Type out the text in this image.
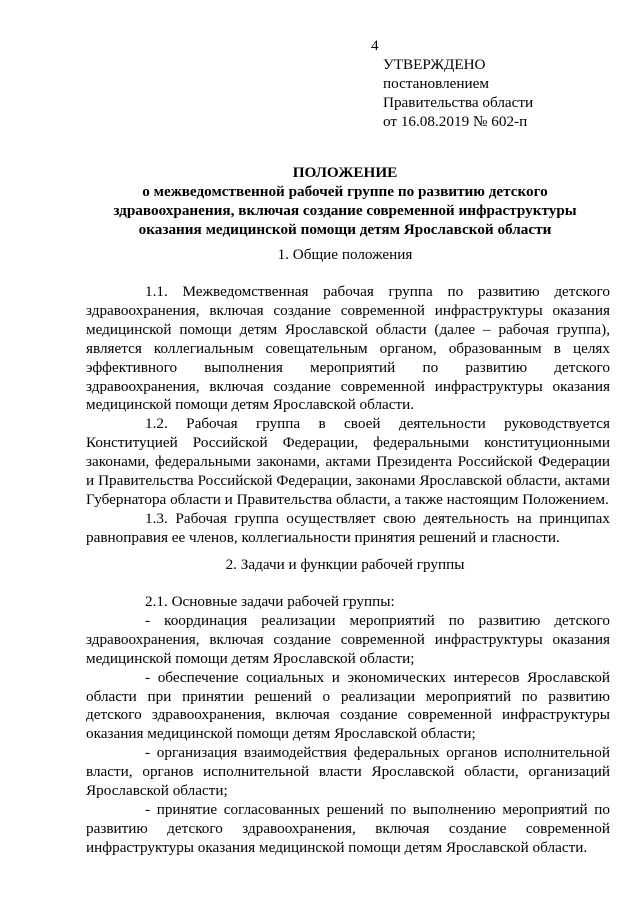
4
УТВЕРЖДЕНО
постановлением
Правительства области
от 16.08.2019 № 602-п
ПОЛОЖЕНИЕ
о межведомственной рабочей группе по развитию детского
здравоохранения, включая создание современной инфраструктуры
оказания медицинской помощи детям Ярославской области
1. Общие положения

1.1. Межведомственная рабочая группа по развитию детского здравоохранения, включая создание современной инфраструктуры оказания медицинской помощи детям Ярославской области (далее – рабочая группа), является коллегиальным совещательным органом, образованным в целях эффективного выполнения мероприятий по развитию детского здравоохранения, включая создание современной инфраструктуры оказания медицинской помощи детям Ярославской области.

1.2. Рабочая группа в своей деятельности руководствуется Конституцией Российской Федерации, федеральными конституционными законами, федеральными законами, актами Президента Российской Федерации и Правительства Российской Федерации, законами Ярославской области, актами Губернатора области и Правительства области, а также настоящим Положением.

1.3. Рабочая группа осуществляет свою деятельность на принципах равноправия ее членов, коллегиальности принятия решений и гласности.

2. Задачи и функции рабочей группы

2.1. Основные задачи рабочей группы:

- координация реализации мероприятий по развитию детского здравоохранения, включая создание современной инфраструктуры оказания медицинской помощи детям Ярославской области;

- обеспечение социальных и экономических интересов Ярославской области при принятии решений о реализации мероприятий по развитию детского здравоохранения, включая создание современной инфраструктуры оказания медицинской помощи детям Ярославской области;

- организация взаимодействия федеральных органов исполнительной власти, органов исполнительной власти Ярославской области, организаций Ярославской области;

- принятие согласованных решений по выполнению мероприятий по развитию детского здравоохранения, включая создание современной инфраструктуры оказания медицинской помощи детям Ярославской области.
